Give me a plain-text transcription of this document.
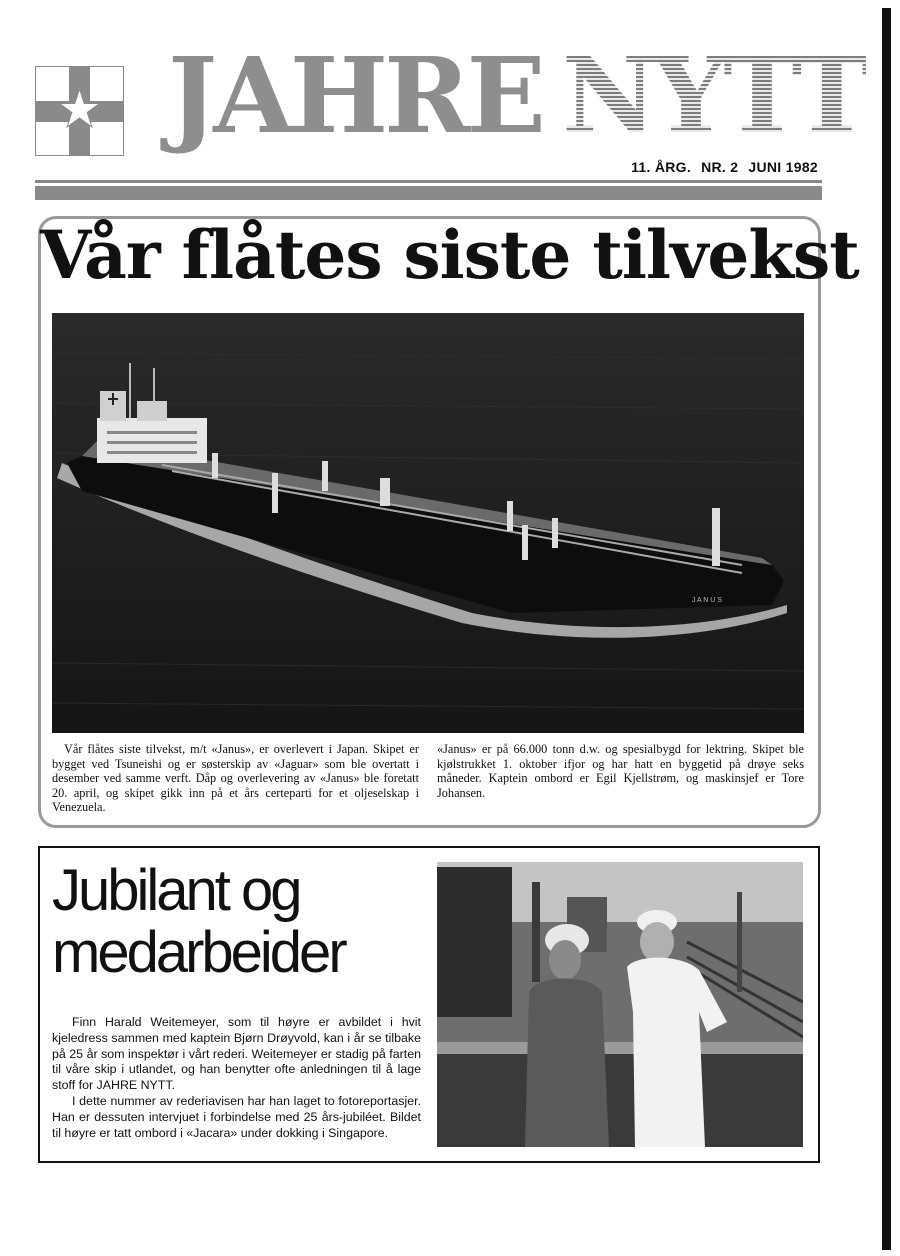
JAHRE NYTT
11. ÅRG. NR. 2 JUNI 1982
Vår flåtes siste tilvekst
J A N U S
Vår flåtes siste tilvekst, m/t «Janus», er overlevert i Japan. Skipet er bygget ved Tsuneishi og er søsterskip av «Jaguar» som ble overtatt i desember ved samme verft. Dåp og overlevering av «Janus» ble foretatt 20. april, og skipet gikk inn på et års certeparti for et oljeselskap i Venezuela.
«Janus» er på 66.000 tonn d.w. og spesialbygd for lektring. Skipet ble kjølstrukket 1. oktober ifjor og har hatt en byggetid på drøye seks måneder. Kaptein ombord er Egil Kjellstrøm, og maskinsjef er Tore Johansen.
Jubilant og
medarbeider

Finn Harald Weitemeyer, som til høyre er avbildet i hvit kjeledress sammen med kaptein Bjørn Drøyvold, kan i år se tilbake på 25 år som inspektør i vårt rederi. Weitemeyer er stadig på farten til våre skip i utlandet, og han benytter ofte anledningen til å lage stoff for JAHRE NYTT.

I dette nummer av rederiavisen har han laget to fotoreportasjer. Han er dessuten intervjuet i forbindelse med 25 års-jubiléet. Bildet til høyre er tatt ombord i «Jacara» under dokking i Singapore.
